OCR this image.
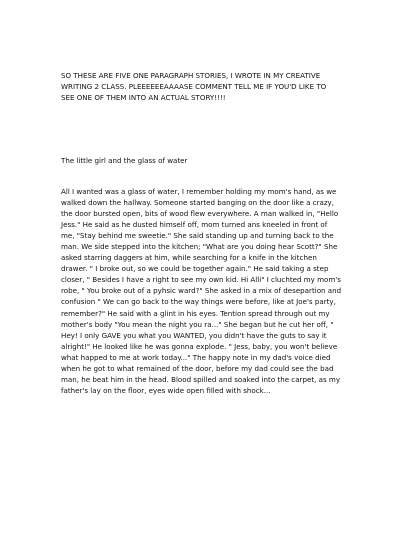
SO THESE ARE FIVE ONE PARAGRAPH STORIES, I WROTE IN MY CREATIVE
WRITING 2 CLASS. PLEEEEEEAAAASE COMMENT TELL ME IF YOU'D LIKE TO
SEE ONE OF THEM INTO AN ACTUAL STORY!!!!
The little girl and the glass of water
All I wanted was a glass of water, I remember holding my mom's hand, as we
walked down the hallway. Someone started banging on the door like a crazy,
the door bursted open, bits of wood flew everywhere. A man walked in, "Hello
Jess." He said as he dusted himself off, mom turned ans kneeled in front of
me, "Stay behind me sweetie." She said standing up and turning back to the
man. We side stepped into the kitchen; "What are you doing hear Scott?" She
asked starring daggers at him, while searching for a knife in the kitchen
drawer. " I broke out, so we could be together again." He said taking a step
closer, " Besides I have a right to see my own kid. Hi Alli" I cluchted my mom's
robe, " You broke out of a pyhsic ward?" She asked in a mix of desepartion and
confusion " We can go back to the way things were before, like at Joe's party,
remember?" He said with a glint in his eyes. Tention spread through out my
mother's body "You mean the night you ra..." She began but he cut her off, "
Hey! I only GAVE you what you WANTED, you didn't have the guts to say it
alright!" He looked like he was gonna explode. " Jess, baby, you won't believe
what happed to me at work today..." The happy note in my dad's voice died
when he got to what remained of the door, before my dad could see the bad
man, he beat him in the head. Blood spilled and soaked into the carpet, as my
father's lay on the floor, eyes wide open filled with shock...
